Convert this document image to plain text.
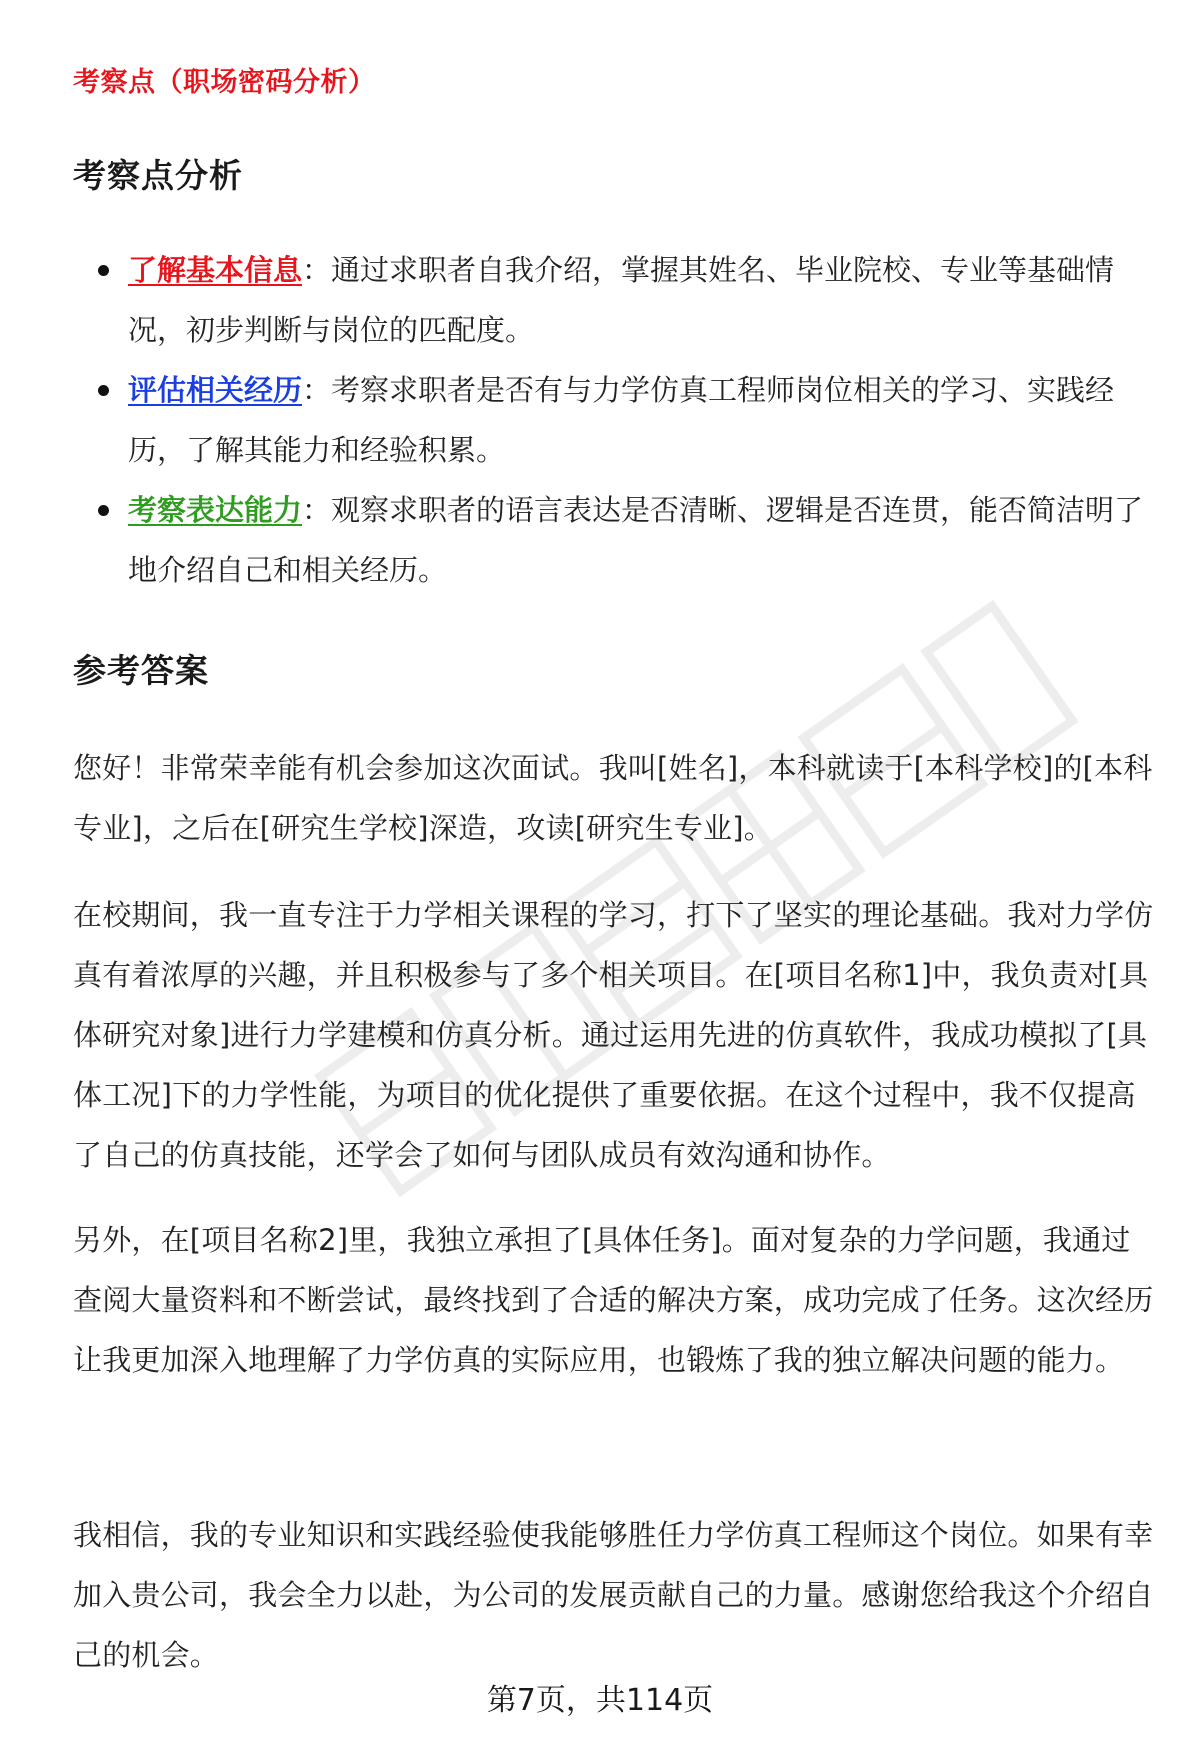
考察点（职场密码分析）
考察点分析
了解基本信息：通过求职者自我介绍，掌握其姓名、毕业院校、专业等基础情况，初步判断与岗位的匹配度。
评估相关经历：考察求职者是否有与力学仿真工程师岗位相关的学习、实践经历，了解其能力和经验积累。
考察表达能力：观察求职者的语言表达是否清晰、逻辑是否连贯，能否简洁明了地介绍自己和相关经历。
参考答案

您好！非常荣幸能有机会参加这次面试。我叫[姓名]，本科就读于[本科学校]的[本科专业]，之后在[研究生学校]深造，攻读[研究生专业]。

在校期间，我一直专注于力学相关课程的学习，打下了坚实的理论基础。我对力学仿真有着浓厚的兴趣，并且积极参与了多个相关项目。在[项目名称1]中，我负责对[具体研究对象]进行力学建模和仿真分析。通过运用先进的仿真软件，我成功模拟了[具体工况]下的力学性能，为项目的优化提供了重要依据。在这个过程中，我不仅提高了自己的仿真技能，还学会了如何与团队成员有效沟通和协作。

另外，在[项目名称2]里，我独立承担了[具体任务]。面对复杂的力学问题，我通过查阅大量资料和不断尝试，最终找到了合适的解决方案，成功完成了任务。这次经历让我更加深入地理解了力学仿真的实际应用，也锻炼了我的独立解决问题的能力。

我相信，我的专业知识和实践经验使我能够胜任力学仿真工程师这个岗位。如果有幸加入贵公司，我会全力以赴，为公司的发展贡献自己的力量。感谢您给我这个介绍自己的机会。

第7页，共114页
